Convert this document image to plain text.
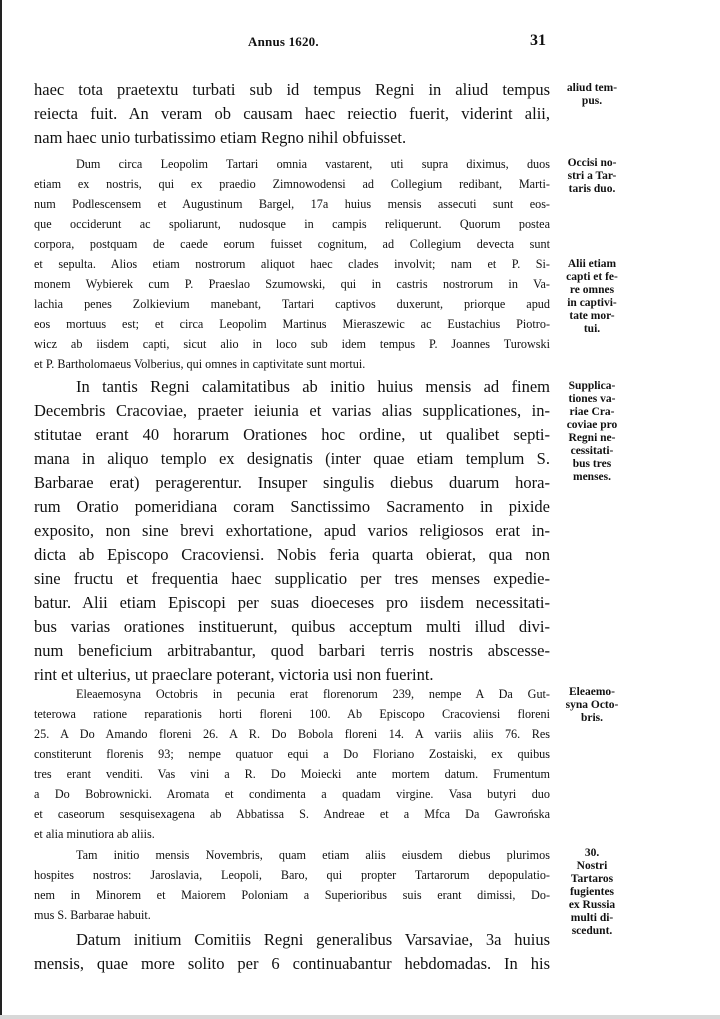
Annus 1620.	31
haec tota praetextu turbati sub id tempus Regni in aliud tempus
reiecta fuit. An veram ob causam haec reiectio fuerit, viderint alii,
nam haec unio turbatissimo etiam Regno nihil obfuisset.
Dum circa Leopolim Tartari omnia vastarent, uti supra diximus, duos
etiam ex nostris, qui ex praedio Zimnowodensi ad Collegium redibant, Marti-
num Podlescensem et Augustinum Bargel, 17a huius mensis assecuti sunt eos-
que occiderunt ac spoliarunt, nudosque in campis reliquerunt. Quorum postea
corpora, postquam de caede eorum fuisset cognitum, ad Collegium devecta sunt
et sepulta. Alios etiam nostrorum aliquot haec clades involvit; nam et P. Si-
monem Wybierek cum P. Praeslao Szumowski, qui in castris nostrorum in Va-
lachia penes Zolkievium manebant, Tartari captivos duxerunt, priorque apud
eos mortuus est; et circa Leopolim Martinus Mieraszewic ac Eustachius Piotro-
wicz ab iisdem capti, sicut alio in loco sub idem tempus P. Joannes Turowski
et P. Bartholomaeus Volberius, qui omnes in captivitate sunt mortui.
In tantis Regni calamitatibus ab initio huius mensis ad finem
Decembris Cracoviae, praeter ieiunia et varias alias supplicationes, in-
stitutae erant 40 horarum Orationes hoc ordine, ut qualibet septi-
mana in aliquo templo ex designatis (inter quae etiam templum S.
Barbarae erat) peragerentur. Insuper singulis diebus duarum hora-
rum Oratio pomeridiana coram Sanctissimo Sacramento in pixide
exposito, non sine brevi exhortatione, apud varios religiosos erat in-
dicta ab Episcopo Cracoviensi. Nobis feria quarta obierat, qua non
sine fructu et frequentia haec supplicatio per tres menses expedie-
batur. Alii etiam Episcopi per suas dioeceses pro iisdem necessitati-
bus varias orationes instituerunt, quibus acceptum multi illud divi-
num beneficium arbitrabantur, quod barbari terris nostris abscesse-
rint et ulterius, ut praeclare poterant, victoria usi non fuerint.
Eleaemosyna Octobris in pecunia erat florenorum 239, nempe A Da Gut-
teterowa ratione reparationis horti floreni 100. Ab Episcopo Cracoviensi floreni
25. A Do Amando floreni 26. A R. Do Bobola floreni 14. A variis aliis 76. Res
constiterunt florenis 93; nempe quatuor equi a Do Floriano Zostaiski, ex quibus
tres erant venditi. Vas vini a R. Do Moiecki ante mortem datum. Frumentum
a Do Bobrownicki. Aromata et condimenta a quadam virgine. Vasa butyri duo
et caseorum sesquisexagena ab Abbatissa S. Andreae et a Mfca Da Gawrońska
et alia minutiora ab aliis.
Tam initio mensis Novembris, quam etiam aliis eiusdem diebus plurimos
hospites nostros: Jaroslavia, Leopoli, Baro, qui propter Tartarorum depopulatio-
nem in Minorem et Maiorem Poloniam a Superioribus suis erant dimissi, Do-
mus S. Barbarae habuit.
Datum initium Comitiis Regni generalibus Varsaviae, 3a huius
mensis, quae more solito per 6 continuabantur hebdomadas. In his
aliud tem-
pus.
Occisi no-
stri a Tar-
taris duo.
Alii etiam
capti et fe-
re omnes
in captivi-
tate mor-
tui.
Supplica-
tiones va-
riae Cra-
coviae pro
Regni ne-
cessitati-
bus tres
menses.
Eleaemo-
syna Octo-
bris.
30.
Nostri
Tartaros
fugientes
ex Russia
multi di-
scedunt.
